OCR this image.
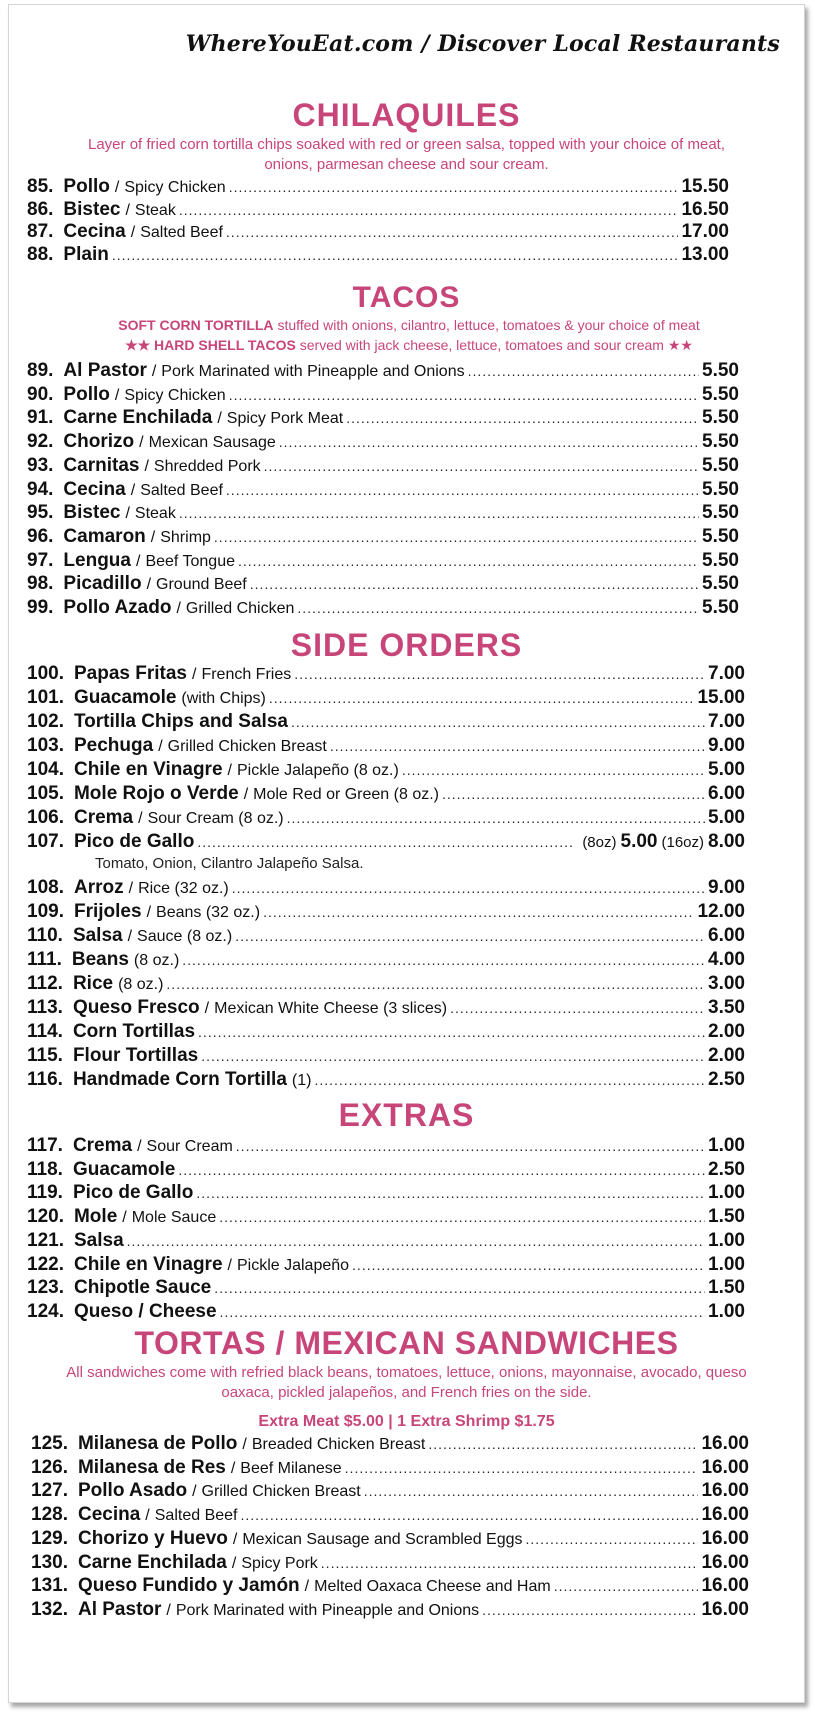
WhereYouEat.com / Discover Local Restaurants
CHILAQUILES
Layer of fried corn tortilla chips soaked with red or green salsa, topped with your choice of meat, onions, parmesan cheese and sour cream.
85. Pollo / Spicy Chicken .....	15.50
86. Bistec / Steak .....	16.50
87. Cecina / Salted Beef .....	17.00
88. Plain .....	13.00
TACOS
SOFT CORN TORTILLA stuffed with onions, cilantro, lettuce, tomatoes & your choice of meat
★★ HARD SHELL TACOS served with jack cheese, lettuce, tomatoes and sour cream ★★
89. Al Pastor / Pork Marinated with Pineapple and Onions .....	5.50
90. Pollo / Spicy Chicken .....	5.50
91. Carne Enchilada / Spicy Pork Meat .....	5.50
92. Chorizo / Mexican Sausage .....	5.50
93. Carnitas / Shredded Pork .....	5.50
94. Cecina / Salted Beef .....	5.50
95. Bistec / Steak .....	5.50
96. Camaron / Shrimp .....	5.50
97. Lengua / Beef Tongue .....	5.50
98. Picadillo / Ground Beef .....	5.50
99. Pollo Azado / Grilled Chicken .....	5.50
SIDE ORDERS
100. Papas Fritas / French Fries .....	7.00
101. Guacamole (with Chips) .....	15.00
102. Tortilla Chips and Salsa .....	7.00
103. Pechuga / Grilled Chicken Breast .....	9.00
104. Chile en Vinagre / Pickle Jalapeño (8 oz.) .....	5.00
105. Mole Rojo o Verde / Mole Red or Green (8 oz.) .....	6.00
106. Crema / Sour Cream (8 oz.) .....	5.00
107. Pico de Gallo .....	(8oz) 5.00 (16oz) 8.00
108. Arroz / Rice (32 oz.) .....	9.00
109. Frijoles / Beans (32 oz.) .....	12.00
110. Salsa / Sauce (8 oz.) .....	6.00
111. Beans (8 oz.) .....	4.00
112. Rice (8 oz.) .....	3.00
113. Queso Fresco / Mexican White Cheese (3 slices) .....	3.50
114. Corn Tortillas .....	2.00
115. Flour Tortillas .....	2.00
116. Handmade Corn Tortilla (1) .....	2.50
Tomato, Onion, Cilantro Jalapeño Salsa.
EXTRAS
117. Crema / Sour Cream .....	1.00
118. Guacamole .....	2.50
119. Pico de Gallo .....	1.00
120. Mole / Mole Sauce .....	1.50
121. Salsa .....	1.00
122. Chile en Vinagre / Pickle Jalapeño .....	1.00
123. Chipotle Sauce .....	1.50
124. Queso / Cheese .....	1.00
TORTAS / MEXICAN SANDWICHES
All sandwiches come with refried black beans, tomatoes, lettuce, onions, mayonnaise, avocado, queso oaxaca, pickled jalapeños, and French fries on the side.
Extra Meat $5.00 | 1 Extra Shrimp $1.75
125. Milanesa de Pollo / Breaded Chicken Breast .....	16.00
126. Milanesa de Res / Beef Milanese .....	16.00
127. Pollo Asado / Grilled Chicken Breast .....	16.00
128. Cecina / Salted Beef .....	16.00
129. Chorizo y Huevo / Mexican Sausage and Scrambled Eggs .....	16.00
130. Carne Enchilada / Spicy Pork .....	16.00
131. Queso Fundido y Jamón / Melted Oaxaca Cheese and Ham .....	16.00
132. Al Pastor / Pork Marinated with Pineapple and Onions .....	16.00
